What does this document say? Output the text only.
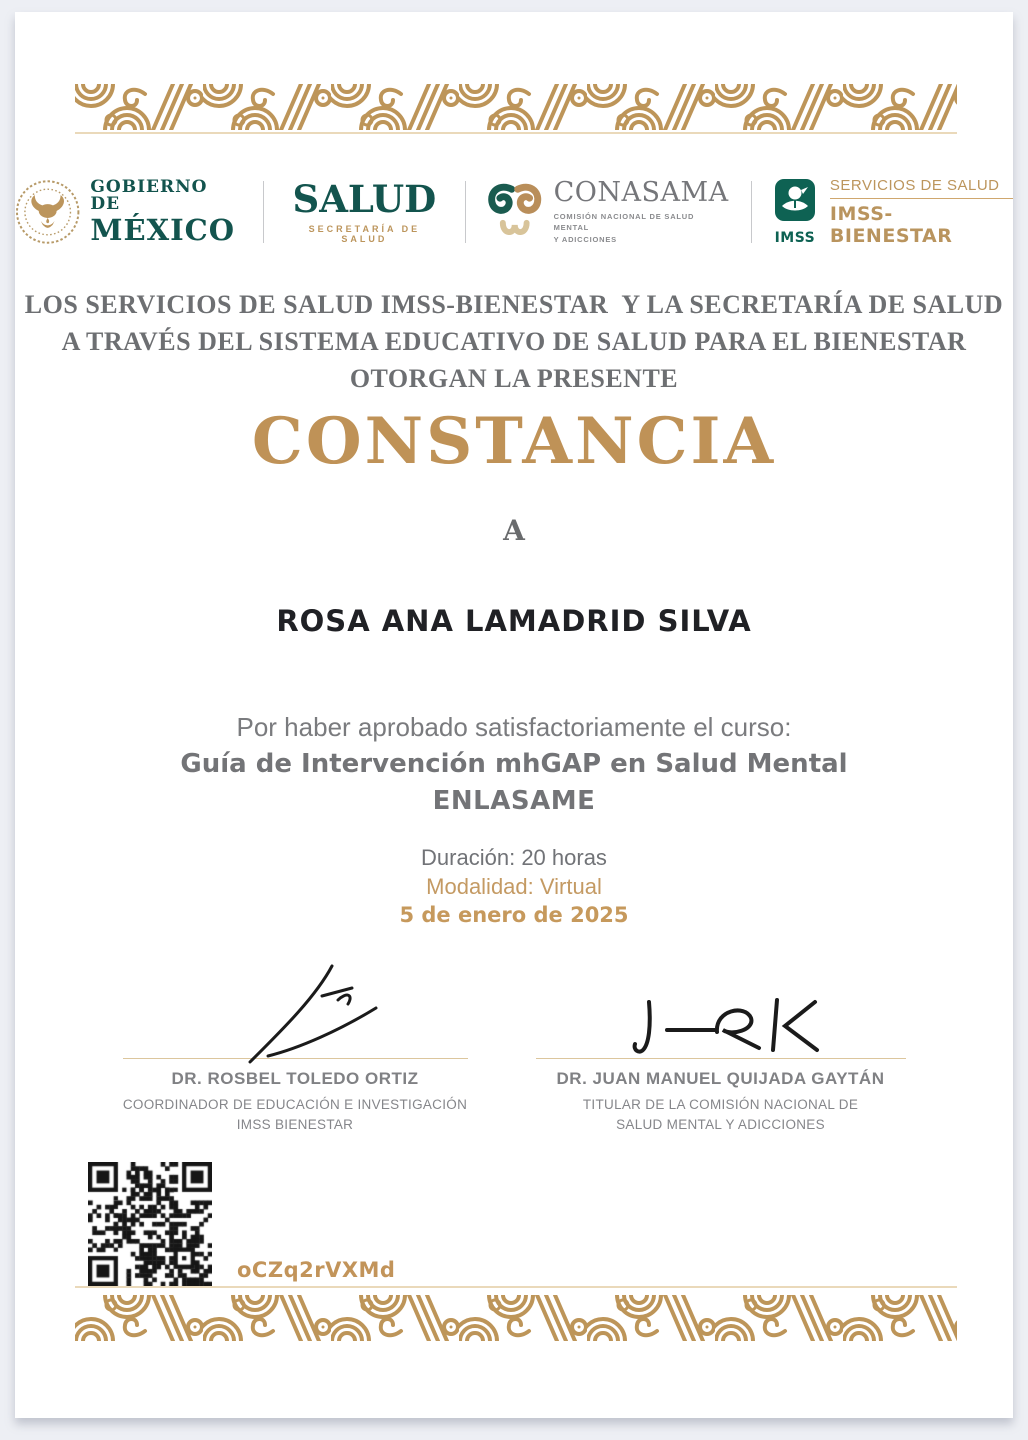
GOBIERNO DE
MÉXICO
SALUD
SECRETARÍA DE SALUD
CONASAMA
COMISIÓN NACIONAL DE SALUD MENTAL
Y ADICCIONES	IMSS
SERVICIOS DE SALUD
IMSS-BIENESTAR
LOS SERVICIOS DE SALUD IMSS-BIENESTAR  Y LA SECRETARÍA DE SALUD
A TRAVÉS DEL SISTEMA EDUCATIVO DE SALUD PARA EL BIENESTAR
OTORGAN LA PRESENTE
CONSTANCIA
A
ROSA ANA LAMADRID SILVA
Por haber aprobado satisfactoriamente el curso:
Guía de Intervención mhGAP en Salud Mental
ENLASAME
Duración: 20 horas
Modalidad: Virtual
5 de enero de 2025
DR. ROSBEL TOLEDO ORTIZ
COORDINADOR DE EDUCACIÓN E INVESTIGACIÓN
IMSS BIENESTAR
DR. JUAN MANUEL QUIJADA GAYTÁN
TITULAR DE LA COMISIÓN NACIONAL DE
SALUD MENTAL Y ADICCIONES
oCZq2rVXMd
